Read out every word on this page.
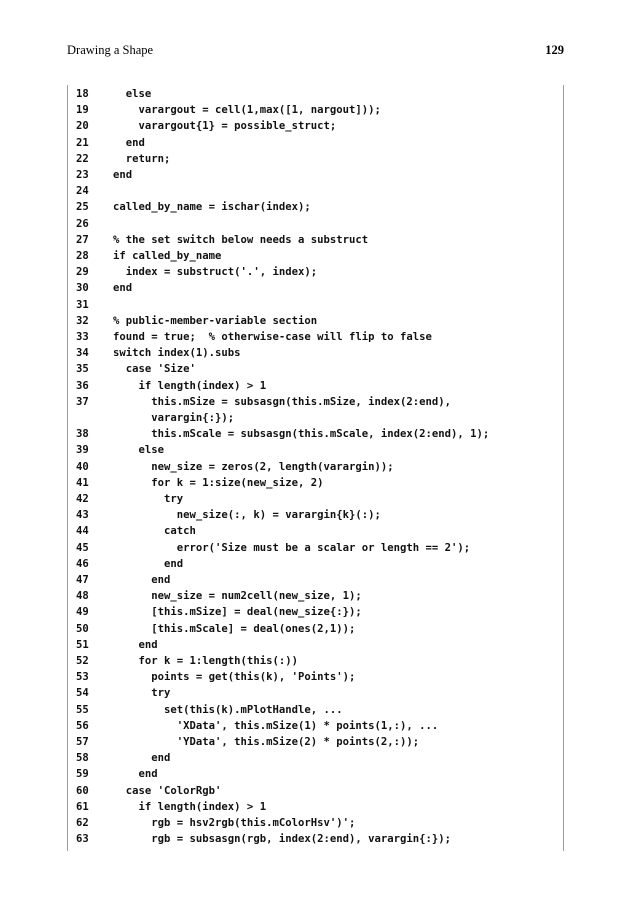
Drawing a Shape	129
18	else
19	varargout = cell(1,max([1, nargout]));
20	varargout{1} = possible_struct;
21	end
22	return;
23	end
24
25	called_by_name = ischar(index);
26
27	% the set switch below needs a substruct
28	if called_by_name
29	index = substruct('.', index);
30	end
31
32	% public-member-variable section
33	found = true;  % otherwise-case will flip to false
34	switch index(1).subs
35	case 'Size'
36	if length(index) > 1
37	this.mSize = subsasgn(this.mSize, index(2:end),
varargin{:});
38	this.mScale = subsasgn(this.mScale, index(2:end), 1);
39	else
40	new_size = zeros(2, length(varargin));
41	for k = 1:size(new_size, 2)
42	try
43	new_size(:, k) = varargin{k}(:);
44	catch
45	error('Size must be a scalar or length == 2');
46	end
47	end
48	new_size = num2cell(new_size, 1);
49	[this.mSize] = deal(new_size{:});
50	[this.mScale] = deal(ones(2,1));
51	end
52	for k = 1:length(this(:))
53	points = get(this(k), 'Points');
54	try
55	set(this(k).mPlotHandle, ...
56	'XData', this.mSize(1) * points(1,:), ...
57	'YData', this.mSize(2) * points(2,:));
58	end
59	end
60	case 'ColorRgb'
61	if length(index) > 1
62	rgb = hsv2rgb(this.mColorHsv')';
63	rgb = subsasgn(rgb, index(2:end), varargin{:});
